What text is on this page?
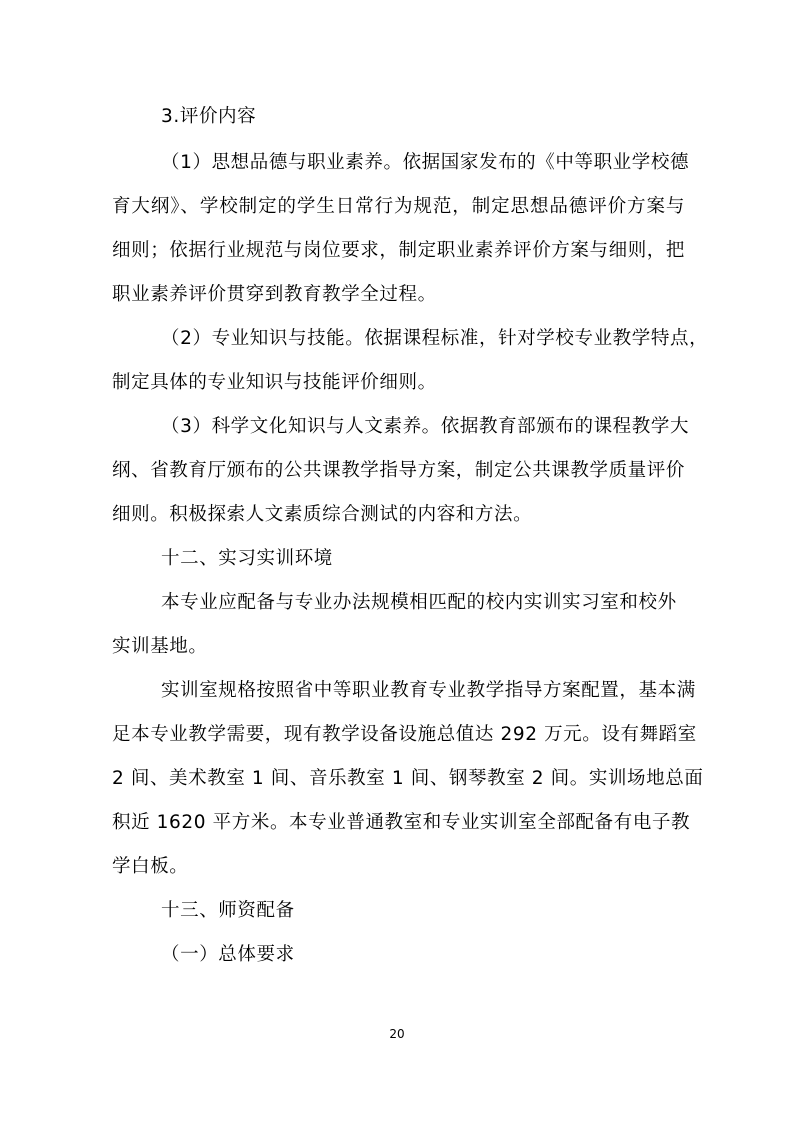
3.评价内容
（1）思想品德与职业素养。依据国家发布的《中等职业学校德
育大纲》、学校制定的学生日常行为规范，制定思想品德评价方案与
细则；依据行业规范与岗位要求，制定职业素养评价方案与细则，把
职业素养评价贯穿到教育教学全过程。
（2）专业知识与技能。依据课程标准，针对学校专业教学特点，
制定具体的专业知识与技能评价细则。
（3）科学文化知识与人文素养。依据教育部颁布的课程教学大
纲、省教育厅颁布的公共课教学指导方案，制定公共课教学质量评价
细则。积极探索人文素质综合测试的内容和方法。
十二、实习实训环境
本专业应配备与专业办法规模相匹配的校内实训实习室和校外
实训基地。
实训室规格按照省中等职业教育专业教学指导方案配置，基本满
足本专业教学需要，现有教学设备设施总值达 292 万元。设有舞蹈室
2 间、美术教室 1 间、音乐教室 1 间、钢琴教室 2 间。实训场地总面
积近 1620 平方米。本专业普通教室和专业实训室全部配备有电子教
学白板。
十三、师资配备
（一）总体要求
20
